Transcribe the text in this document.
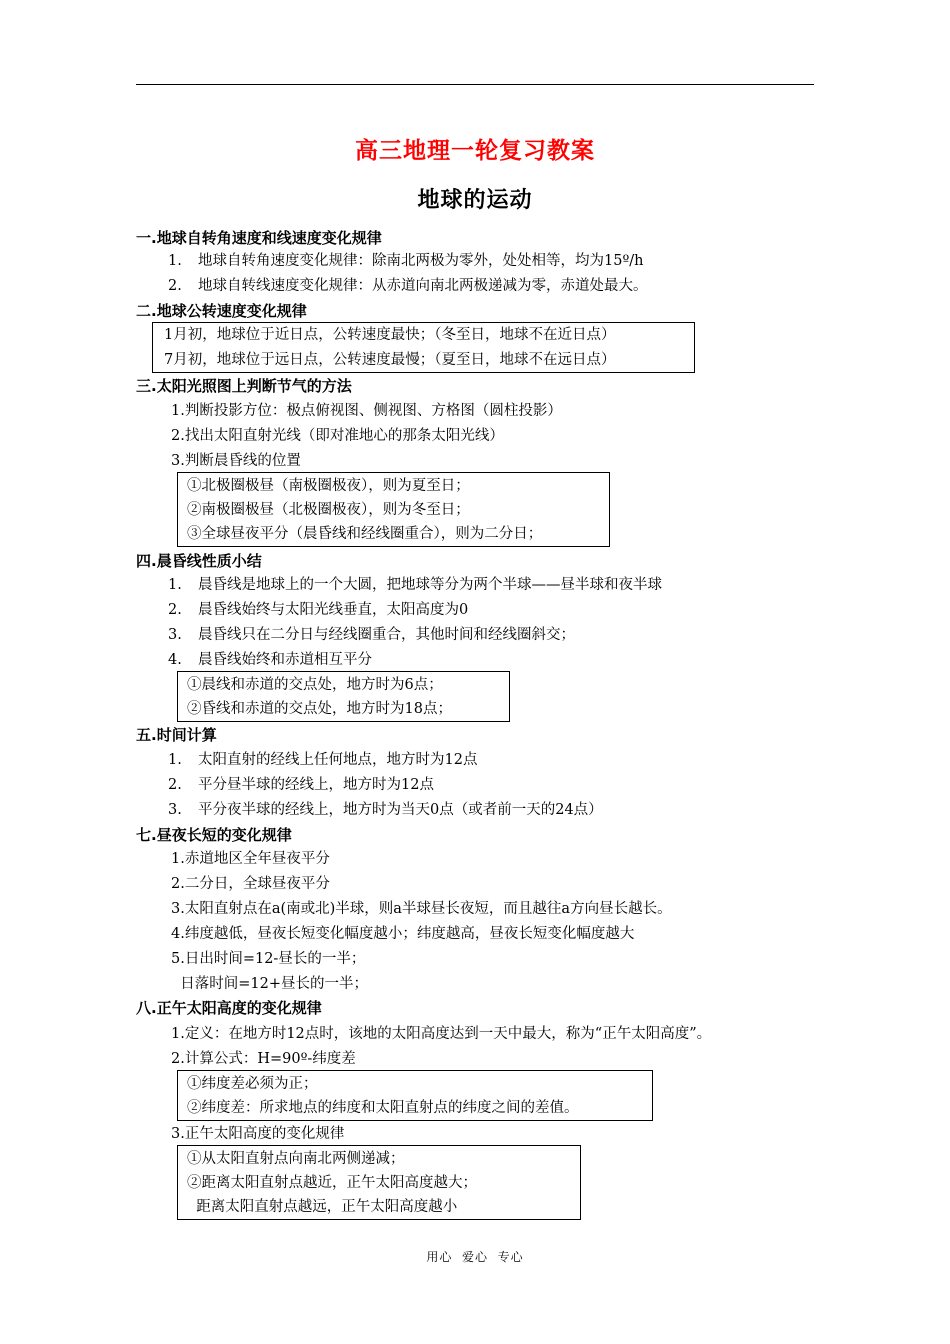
高三地理一轮复习教案
地球的运动
一.地球自转角速度和线速度变化规律
1. 地球自转角速度变化规律：除南北两极为零外，处处相等，均为15º/h
2. 地球自转线速度变化规律：从赤道向南北两极递减为零，赤道处最大。
二.地球公转速度变化规律
1月初，地球位于近日点，公转速度最快；（冬至日，地球不在近日点）
7月初，地球位于远日点，公转速度最慢；（夏至日，地球不在远日点）
三.太阳光照图上判断节气的方法
1.判断投影方位：极点俯视图、侧视图、方格图（圆柱投影）
2.找出太阳直射光线（即对准地心的那条太阳光线）
3.判断晨昏线的位置
①北极圈极昼（南极圈极夜），则为夏至日；
②南极圈极昼（北极圈极夜），则为冬至日；
③全球昼夜平分（晨昏线和经线圈重合），则为二分日；
四.晨昏线性质小结
1. 晨昏线是地球上的一个大圆，把地球等分为两个半球——昼半球和夜半球
2. 晨昏线始终与太阳光线垂直，太阳高度为0
3. 晨昏线只在二分日与经线圈重合，其他时间和经线圈斜交；
4. 晨昏线始终和赤道相互平分
①晨线和赤道的交点处，地方时为6点；
②昏线和赤道的交点处，地方时为18点；
五.时间计算
1. 太阳直射的经线上任何地点，地方时为12点
2. 平分昼半球的经线上，地方时为12点
3. 平分夜半球的经线上，地方时为当天0点（或者前一天的24点）
七.昼夜长短的变化规律
1.赤道地区全年昼夜平分
2.二分日，全球昼夜平分
3.太阳直射点在a(南或北)半球，则a半球昼长夜短，而且越往a方向昼长越长。
4.纬度越低，昼夜长短变化幅度越小；纬度越高，昼夜长短变化幅度越大
5.日出时间=12-昼长的一半；
日落时间=12+昼长的一半；
八.正午太阳高度的变化规律
1.定义：在地方时12点时，该地的太阳高度达到一天中最大，称为“正午太阳高度”。
2.计算公式：H=90º-纬度差
①纬度差必须为正；
②纬度差：所求地点的纬度和太阳直射点的纬度之间的差值。
3.正午太阳高度的变化规律
①从太阳直射点向南北两侧递减；
②距离太阳直射点越近，正午太阳高度越大；
距离太阳直射点越远，正午太阳高度越小
用心  爱心  专心
